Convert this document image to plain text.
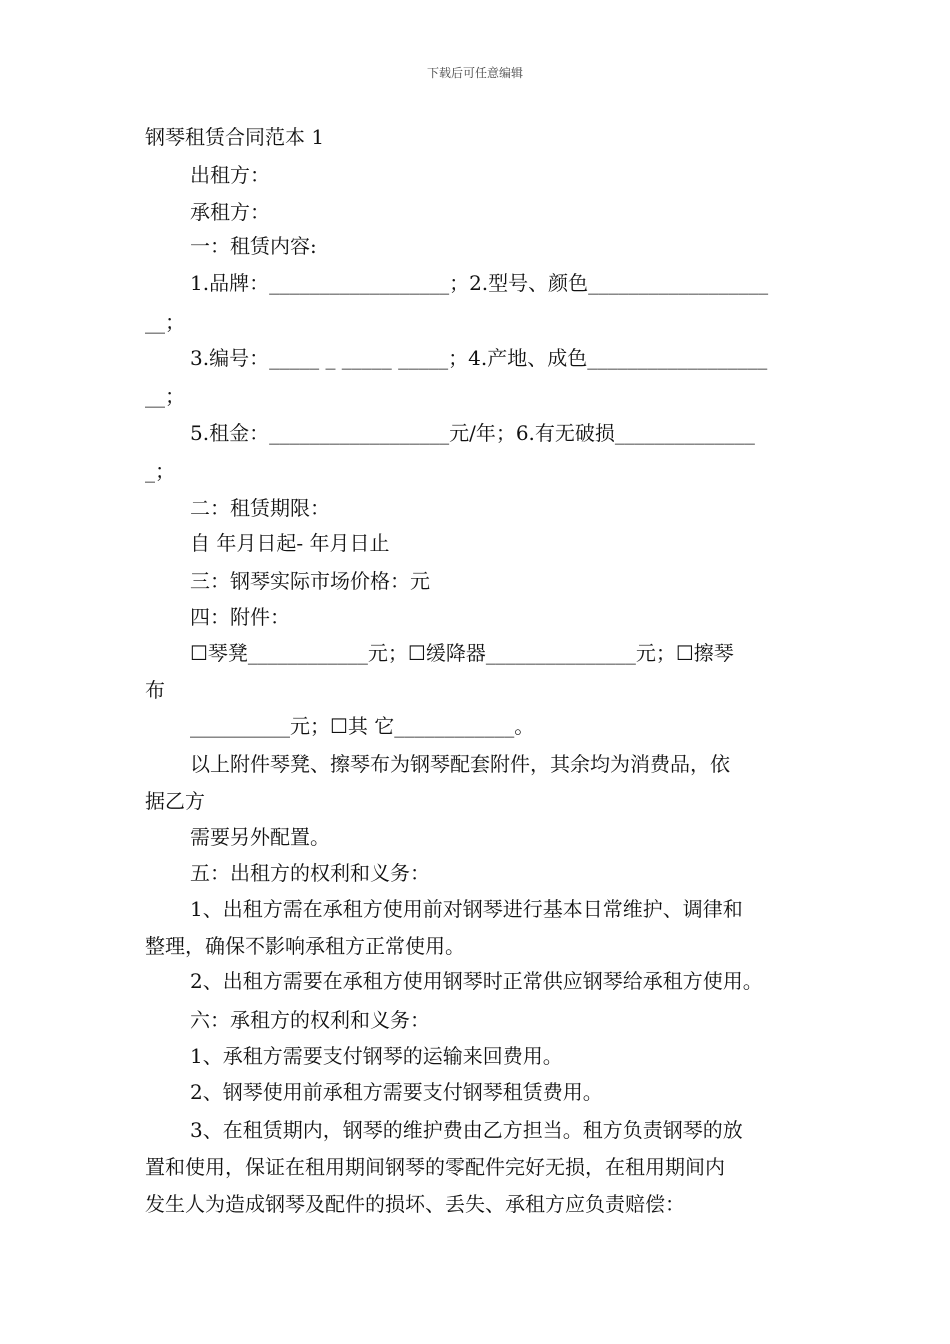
下载后可任意编辑
钢琴租赁合同范本 1
出租方：
承租方：
一：租赁内容:
1.品牌：__________________；2.型号、颜色__________________
__；
3.编号：_____ _ _____ _____；4.产地、成色__________________
__；
5.租金：__________________元/年；6.有无破损______________
_；
二：租赁期限：
自 年月日起- 年月日止
三：钢琴实际市场价格：元
四：附件：
☐琴凳____________元；☐缓降器_______________元；☐擦琴
布
__________元；☐其 它____________。
以上附件琴凳、擦琴布为钢琴配套附件，其余均为消费品，依
据乙方
需要另外配置。
五：出租方的权利和义务：
1、出租方需在承租方使用前对钢琴进行基本日常维护、调律和
整理，确保不影响承租方正常使用。
2、出租方需要在承租方使用钢琴时正常供应钢琴给承租方使用。
六：承租方的权利和义务：
1、承租方需要支付钢琴的运输来回费用。
2、钢琴使用前承租方需要支付钢琴租赁费用。
3、在租赁期内，钢琴的维护费由乙方担当。租方负责钢琴的放
置和使用，保证在租用期间钢琴的零配件完好无损，在租用期间内
发生人为造成钢琴及配件的损坏、丢失、承租方应负责赔偿：
